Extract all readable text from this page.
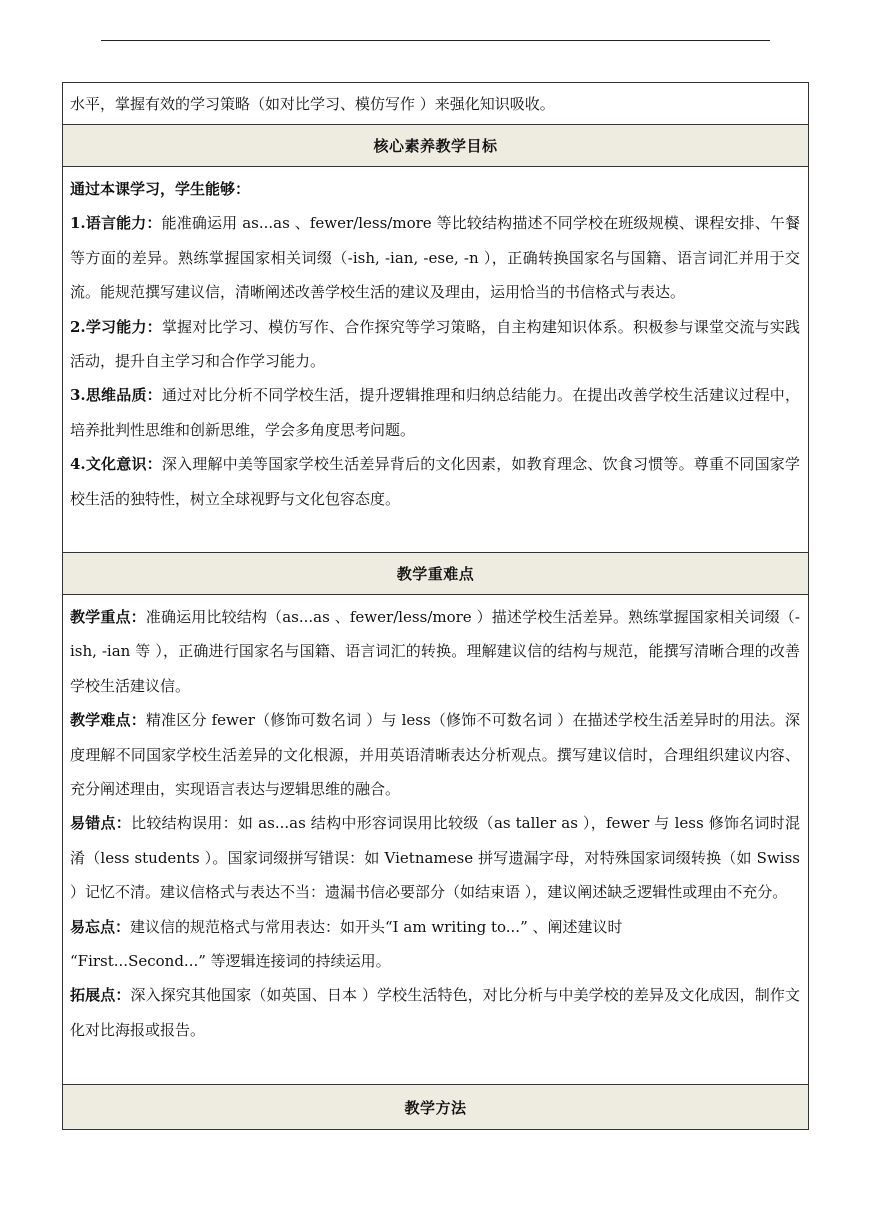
水平，掌握有效的学习策略（如对比学习、模仿写作 ）来强化知识吸收。

核心素养教学目标

通过本课学习，学生能够：

1.语言能力：能准确运用 as...as 、fewer/less/more 等比较结构描述不同学校在班级规模、课程安排、午餐等方面的差异。熟练掌握国家相关词缀（-ish, -ian, -ese, -n ），正确转换国家名与国籍、语言词汇并用于交流。能规范撰写建议信，清晰阐述改善学校生活的建议及理由，运用恰当的书信格式与表达。

2.学习能力：掌握对比学习、模仿写作、合作探究等学习策略，自主构建知识体系。积极参与课堂交流与实践活动，提升自主学习和合作学习能力。

3.思维品质：通过对比分析不同学校生活，提升逻辑推理和归纳总结能力。在提出改善学校生活建议过程中，培养批判性思维和创新思维，学会多角度思考问题。

4.文化意识：深入理解中美等国家学校生活差异背后的文化因素，如教育理念、饮食习惯等。尊重不同国家学校生活的独特性，树立全球视野与文化包容态度。

教学重难点

教学重点：准确运用比较结构（as...as 、fewer/less/more ）描述学校生活差异。熟练掌握国家相关词缀（-ish, -ian 等 ），正确进行国家名与国籍、语言词汇的转换。理解建议信的结构与规范，能撰写清晰合理的改善学校生活建议信。

教学难点：精准区分 fewer（修饰可数名词 ）与 less（修饰不可数名词 ）在描述学校生活差异时的用法。深度理解不同国家学校生活差异的文化根源，并用英语清晰表达分析观点。撰写建议信时，合理组织建议内容、充分阐述理由，实现语言表达与逻辑思维的融合。

易错点：比较结构误用：如 as...as 结构中形容词误用比较级（as taller as ），fewer 与 less 修饰名词时混淆（less students ）。国家词缀拼写错误：如 Vietnamese 拼写遗漏字母，对特殊国家词缀转换（如 Swiss ）记忆不清。建议信格式与表达不当：遗漏书信必要部分（如结束语 ），建议阐述缺乏逻辑性或理由不充分。

易忘点：建议信的规范格式与常用表达：如开头“I am writing to...” 、阐述建议时
“First...Second...” 等逻辑连接词的持续运用。

拓展点：深入探究其他国家（如英国、日本 ）学校生活特色，对比分析与中美学校的差异及文化成因，制作文化对比海报或报告。

教学方法
